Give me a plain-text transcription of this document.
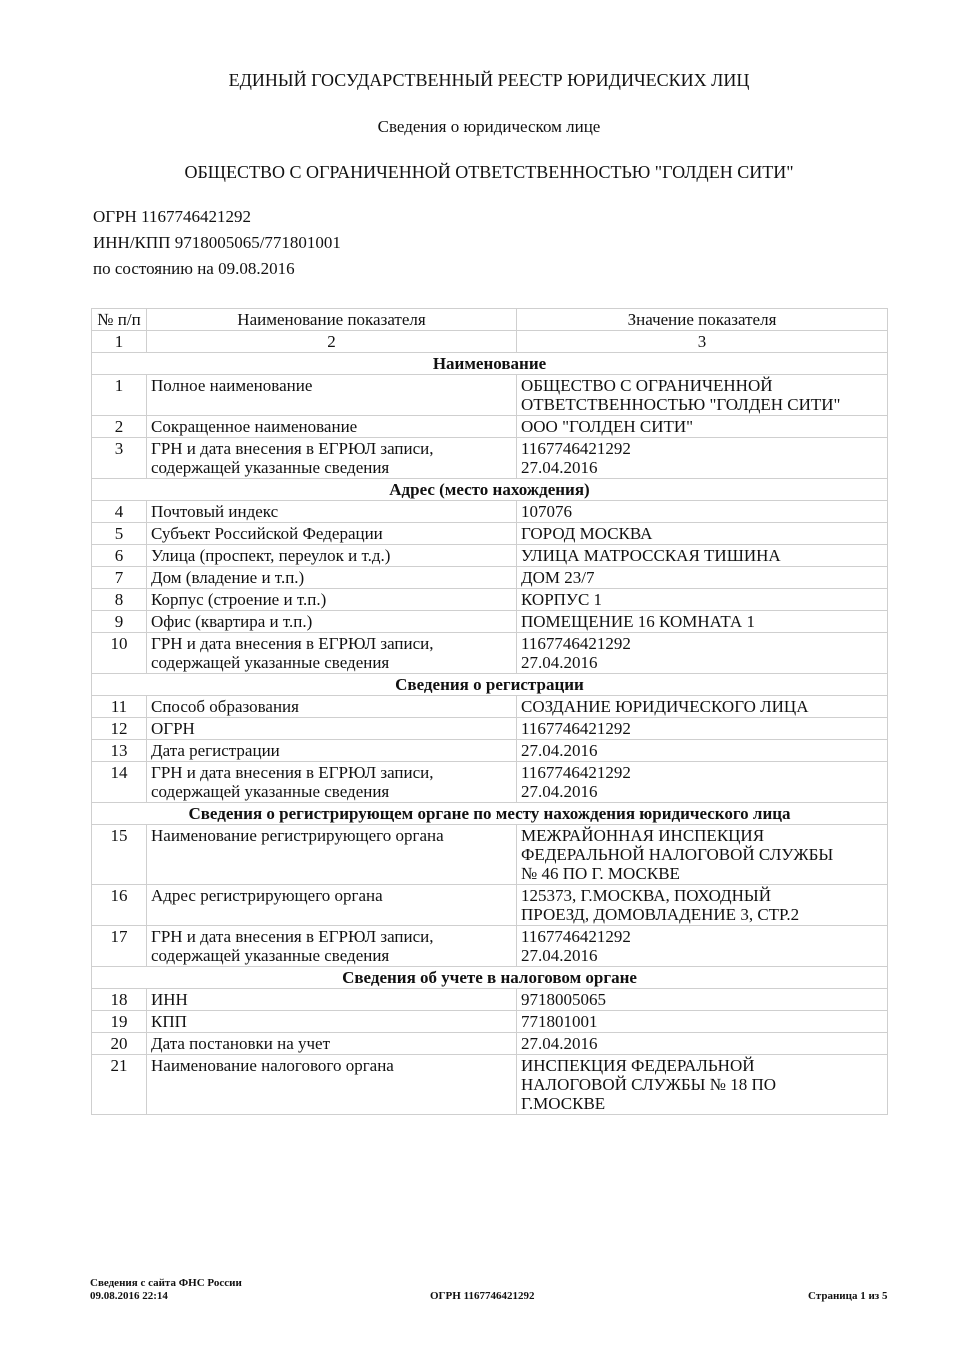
ЕДИНЫЙ ГОСУДАРСТВЕННЫЙ РЕЕСТР ЮРИДИЧЕСКИХ ЛИЦ
Сведения о юридическом лице
ОБЩЕСТВО С ОГРАНИЧЕННОЙ ОТВЕТСТВЕННОСТЬЮ "ГОЛДЕН СИТИ"
ОГРН 1167746421292
ИНН/КПП 9718005065/771801001
по состоянию на 09.08.2016
№ п/п	Наименование показателя	Значение показателя
1	2	3
Наименование		
1	Полное наименование	ОБЩЕСТВО С ОГРАНИЧЕННОЙ
ОТВЕТСТВЕННОСТЬЮ "ГОЛДЕН СИТИ"
2	Сокращенное наименование	ООО "ГОЛДЕН СИТИ"
3	ГРН и дата внесения в ЕГРЮЛ записи,
содержащей указанные сведения	1167746421292
27.04.2016
Адрес (место нахождения)		
4	Почтовый индекс	107076
5	Субъект Российской Федерации	ГОРОД МОСКВА
6	Улица (проспект, переулок и т.д.)	УЛИЦА МАТРОССКАЯ ТИШИНА
7	Дом (владение и т.п.)	ДОМ 23/7
8	Корпус (строение и т.п.)	КОРПУС 1
9	Офис (квартира и т.п.)	ПОМЕЩЕНИЕ 16 КОМНАТА 1
10	ГРН и дата внесения в ЕГРЮЛ записи,
содержащей указанные сведения	1167746421292
27.04.2016
Сведения о регистрации		
11	Способ образования	СОЗДАНИЕ ЮРИДИЧЕСКОГО ЛИЦА
12	ОГРН	1167746421292
13	Дата регистрации	27.04.2016
14	ГРН и дата внесения в ЕГРЮЛ записи,
содержащей указанные сведения	1167746421292
27.04.2016
Сведения о регистрирующем органе по месту нахождения юридического лица		
15	Наименование регистрирующего органа	МЕЖРАЙОННАЯ ИНСПЕКЦИЯ
ФЕДЕРАЛЬНОЙ НАЛОГОВОЙ СЛУЖБЫ
№ 46 ПО Г. МОСКВЕ
16	Адрес регистрирующего органа	125373, Г.МОСКВА, ПОХОДНЫЙ
ПРОЕЗД, ДОМОВЛАДЕНИЕ 3, СТР.2
17	ГРН и дата внесения в ЕГРЮЛ записи,
содержащей указанные сведения	1167746421292
27.04.2016
Сведения об учете в налоговом органе		
18	ИНН	9718005065
19	КПП	771801001
20	Дата постановки на учет	27.04.2016
21	Наименование налогового органа	ИНСПЕКЦИЯ ФЕДЕРАЛЬНОЙ
НАЛОГОВОЙ СЛУЖБЫ № 18 ПО
Г.МОСКВЕ
Сведения с сайта ФНС России
09.08.2016 22:14	ОГРН 1167746421292	Страница 1 из 5
